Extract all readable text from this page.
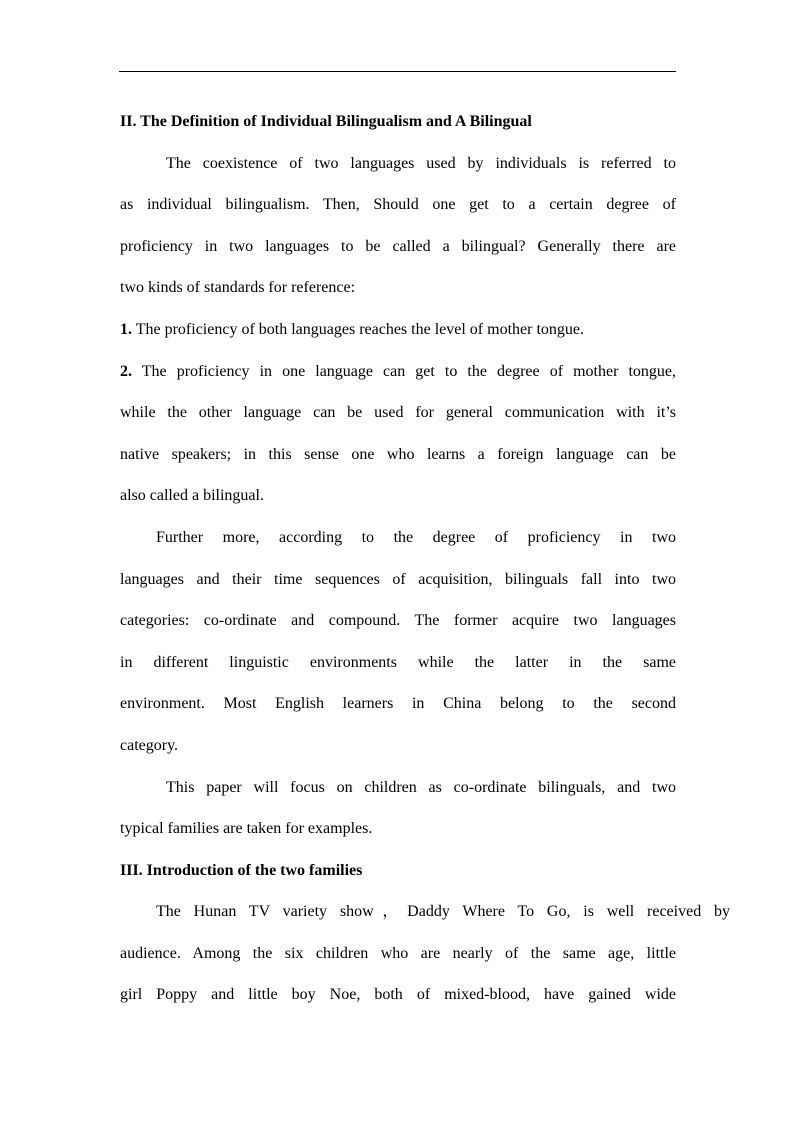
II. The Definition of Individual Bilingualism and A Bilingual
The coexistence of two languages used by individuals is referred to
as individual bilingualism. Then, Should one get to a certain degree of
proficiency in two languages to be called a bilingual? Generally there are
two kinds of standards for reference:
1. The proficiency of both languages reaches the level of mother tongue.
2. The proficiency in one language can get to the degree of mother tongue,
while the other language can be used for general communication with it’s
native speakers; in this sense one who learns a foreign language can be
also called a bilingual.
Further more, according to the degree of proficiency in two
languages and their time sequences of acquisition, bilinguals fall into two
categories: co-ordinate and compound. The former acquire two languages
in different linguistic environments while the latter in the same
environment. Most English learners in China belong to the second
category.
This paper will focus on children as co-ordinate bilinguals, and two
typical families are taken for examples.
III. Introduction of the two families
The Hunan TV variety show，Daddy Where To Go, is well received by
audience. Among the six children who are nearly of the same age, little
girl Poppy and little boy Noe, both of mixed-blood, have gained wide
